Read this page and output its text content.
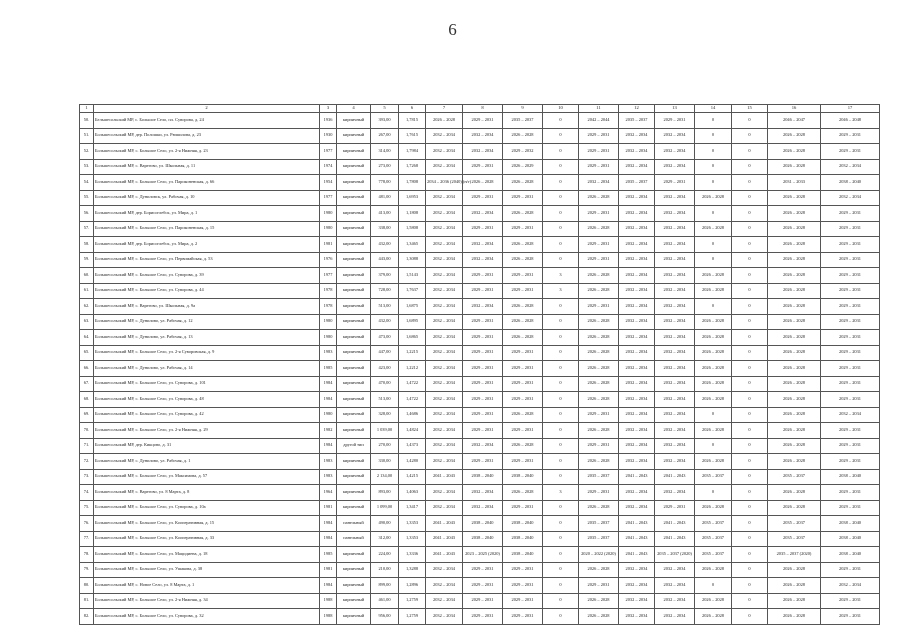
6
1	2	3	4	5	6	7	8	9	10	11	12	13	14	15	16	17
50.	Бельшесольский МР, с. Большое Село, пл. Суворова, д. 24	1936	кирпичный	393,00	1,7815	2026 – 2028	2029 – 2031	2035 – 2037	0	2042 – 2044	2035 – 2037	2029 – 2031	0	0	2046 – 2047	2046 – 2048
51.	Большесольский МР, дер. Полошки, ул. Рюшилова, д. 23	1930	кирпичный	267,00	1,7615	2032 – 2034	2032 – 2034	2026 – 2028	0	2029 – 2031	2032 – 2034	2032 – 2034	0	0	2026 – 2028	2029 – 2031
52.	Большесольский МР, с. Большое Село, ул. 2-я Нижняя, д. 23	1977	кирпичный	314,00	1,7984	2032 – 2034	2032 – 2034	2029 – 2032	0	2029 – 2031	2032 – 2034	2032 – 2034	0	0	2026 – 2028	2029 – 2031
53.	Большесольский МР, с. Варегово, ул. Школьная, д. 11	1974	кирпичный	273,00	1,7268	2032 – 2034	2029 – 2031	2026 – 2029	0	2029 – 2031	2032 – 2034	2032 – 2034	0	0	2026 – 2028	2032 – 2034
54.	Большесольский МР, с. Большое Село, ул. Пароконенская, д. 66	1954	кирпичный	778,00	1,7808	2034 – 2036 (2040) (н/г)	2026 – 2028	2026 – 2028	0	2032 – 2034	2035 – 2037	2029 – 2031	0	0	2031 – 2033	2038 – 2040
55.	Большесольский МР, с. Дуниловск, ул. Рабочая, д. 10	1977	кирпичный	481,00	1,6953	2032 – 2034	2029 – 2031	2029 – 2031	0	2026 – 2028	2032 – 2034	2032 – 2034	2026 – 2028	0	2026 – 2028	2032 – 2034
56.	Большесольский МР, дер. Борисоглебск, ул. Мира, д. 1	1980	кирпичный	413,00	1,1808	2032 – 2034	2032 – 2034	2026 – 2028	0	2029 – 2031	2032 – 2034	2032 – 2034	0	0	2026 – 2028	2029 – 2031
57.	Большесольский МР, с. Большое Село, ул. Пароконенская, д. 15	1980	кирпичный	338,00	1,5808	2032 – 2034	2029 – 2031	2029 – 2031	0	2026 – 2028	2032 – 2034	2032 – 2034	2026 – 2028	0	2026 – 2028	2029 – 2031
58.	Большесольский МР, дер. Борисоглебск, ул. Мира, д. 2	1981	кирпичный	432,00	1,3465	2032 – 2034	2032 – 2034	2026 – 2028	0	2029 – 2031	2032 – 2034	2032 – 2034	0	0	2026 – 2028	2029 – 2031
59.	Большесольский МР, с. Большое Село, ул. Первомайская, д. 53	1976	кирпичный	443,00	1,3088	2032 – 2034	2032 – 2034	2026 – 2028	0	2029 – 2031	2032 – 2034	2032 – 2034	0	0	2026 – 2028	2029 – 2031
60.	Большесольский МР, с. Большое Село, ул. Суворова, д. 39	1977	кирпичный	379,00	1,5143	2032 – 2034	2029 – 2031	2029 – 2031	3	2026 – 2028	2032 – 2034	2032 – 2034	2026 – 2028	0	2026 – 2028	2029 – 2031
61.	Большесольский МР, с. Большое Село, ул. Суворова, д. 44	1978	кирпичный	728,00	1,7637	2032 – 2034	2029 – 2031	2029 – 2031	3	2026 – 2028	2032 – 2034	2032 – 2034	2026 – 2028	0	2026 – 2028	2029 – 2031
62.	Большесольский МР, с. Варегово, ул. Школьная, д. 9а	1978	кирпичный	513,00	1,6875	2032 – 2034	2032 – 2034	2026 – 2028	0	2029 – 2031	2032 – 2034	2032 – 2034	0	0	2026 – 2028	2029 – 2031
63.	Большесольский МР, с. Дунилово, ул. Рабочая, д. 12	1980	кирпичный	432,00	1,6895	2032 – 2034	2029 – 2031	2026 – 2028	0	2026 – 2028	2032 – 2034	2032 – 2034	2026 – 2028	0	2026 – 2028	2029 – 2031
64.	Большесольский МР, с. Дунилово, ул. Рабочая, д. 13	1980	кирпичный	473,00	1,6865	2032 – 2034	2029 – 2031	2026 – 2028	0	2026 – 2028	2032 – 2034	2032 – 2034	2026 – 2028	0	2026 – 2028	2029 – 2031
65.	Большесольский МР, с. Большое Село, ул. 2-я Суворовская, д. 9	1983	кирпичный	447,00	1,2215	2032 – 2034	2029 – 2031	2029 – 2031	0	2026 – 2028	2032 – 2034	2032 – 2034	2026 – 2028	0	2026 – 2028	2029 – 2031
66.	Большесольский МР, с. Дунилово, ул. Рабочая, д. 14	1985	кирпичный	423,00	1,2212	2032 – 2034	2029 – 2031	2029 – 2031	0	2026 – 2028	2032 – 2034	2032 – 2034	2026 – 2028	0	2026 – 2028	2029 – 2031
67.	Большесольский МР, с. Большое Село, ул. Суворова, д. 101	1984	кирпичный	470,00	1,4722	2032 – 2034	2029 – 2031	2029 – 2031	0	2026 – 2028	2032 – 2034	2032 – 2034	2026 – 2028	0	2026 – 2028	2029 – 2031
68.	Большесольский МР, с. Большое Село, ул. Суворова, д. 48	1984	кирпичный	513,00	1,4722	2032 – 2034	2029 – 2031	2029 – 2031	0	2026 – 2028	2032 – 2034	2032 – 2034	2026 – 2028	0	2026 – 2028	2029 – 2031
69.	Большесольский МР, с. Большое Село, ул. Суворова, д. 42	1980	кирпичный	328,00	1,4686	2032 – 2034	2029 – 2031	2026 – 2028	0	2029 – 2031	2032 – 2034	2032 – 2034	0	0	2026 – 2028	2032 – 2034
70.	Большесольский МР, с. Большое Село, ул. 2-я Нижняя, д. 29	1982	кирпичный	1 039,00	1,4824	2032 – 2034	2029 – 2031	2029 – 2031	0	2026 – 2028	2032 – 2034	2032 – 2034	2026 – 2028	0	2026 – 2028	2029 – 2031
71.	Большесольский МР, дер. Кикцово, д. 31	1984	другой тип	270,00	1,4373	2032 – 2034	2032 – 2034	2026 – 2028	0	2029 – 2031	2032 – 2034	2032 – 2034	0	0	2026 – 2028	2029 – 2031
72.	Большесольский МР, с. Дунилово, ул. Рабочая, д. 1	1983	кирпичный	330,00	1,4280	2032 – 2034	2029 – 2031	2029 – 2031	0	2026 – 2028	2032 – 2034	2032 – 2034	2026 – 2028	0	2026 – 2028	2029 – 2031
73.	Большесольский МР, с. Большое Село, ул. Максимова, д. 57	1983	кирпичный	2 134,00	1,4215	2041 – 2043	2038 – 2040	2038 – 2040	0	2035 – 2037	2041 – 2043	2041 – 2043	2035 – 2037	0	2035 – 2037	2038 – 2040
74.	Большесольский МР, с. Варегово, ул. 8 Марта, д. 8	1964	кирпичный	893,00	1,4063	2032 – 2034	2032 – 2034	2026 – 2028	3	2029 – 2031	2032 – 2034	2032 – 2034	0	0	2026 – 2028	2029 – 2031
75.	Большесольский МР, с. Большое Село, ул. Суворова, д. 10а	1981	кирпичный	1 099,00	1,3417	2032 – 2034	2032 – 2034	2029 – 2031	0	2026 – 2028	2032 – 2034	2029 – 2031	2026 – 2028	0	2026 – 2028	2029 – 2031
76.	Большесольский МР, с. Большое Село, ул. Кооперативная, д. 15	1984	панельный	490,00	1,3353	2041 – 2043	2038 – 2040	2038 – 2040	0	2035 – 2037	2041 – 2043	2041 – 2043	2035 – 2037	0	2035 – 2037	2038 – 2040
77.	Большесольский МР, с. Большое Село, ул. Кооперативная, д. 33	1984	панельный	312,00	1,3353	2041 – 2043	2038 – 2040	2038 – 2040	0	2035 – 2037	2041 – 2043	2041 – 2043	2035 – 2037	0	2035 – 2037	2038 – 2040
78.	Большесольский МР, с. Большое Село, ул. Мацидиена, д. 18	1985	кирпичный	224,00	1,3336	2041 – 2043	2023 – 2025 (2020)	2038 – 2040	0	2020 – 2022 (2020)	2041 – 2043	2035 – 2037 (2020)	2035 – 2037	0	2035 – 2037 (2020)	2038 – 2040
79.	Большесольский МР, с. Большое Село, ул. Ушакова, д. 38	1981	кирпичный	210,00	1,3288	2032 – 2034	2029 – 2031	2029 – 2031	0	2026 – 2028	2032 – 2034	2032 – 2034	2026 – 2028	0	2026 – 2028	2029 – 2031
80.	Большесольский МР, с. Новое Село, ул. 8 Марта, д. 1	1984	кирпичный	899,00	1,2896	2032 – 2034	2029 – 2031	2029 – 2031	0	2029 – 2031	2032 – 2034	2032 – 2034	0	0	2026 – 2028	2032 – 2034
81.	Большесольский МР, с. Большое Село, ул. 2-я Нижняя, д. 34	1988	кирпичный	461,00	1,2759	2032 – 2034	2029 – 2031	2029 – 2031	0	2026 – 2028	2032 – 2034	2032 – 2034	2026 – 2028	0	2026 – 2028	2029 – 2031
82.	Большесольский МР, с. Большое Село, ул. Суворова, д. 32	1988	кирпичный	956,00	1,2759	2032 – 2034	2029 – 2031	2029 – 2031	0	2026 – 2028	2032 – 2034	2032 – 2034	2026 – 2028	0	2026 – 2028	2029 – 2031
